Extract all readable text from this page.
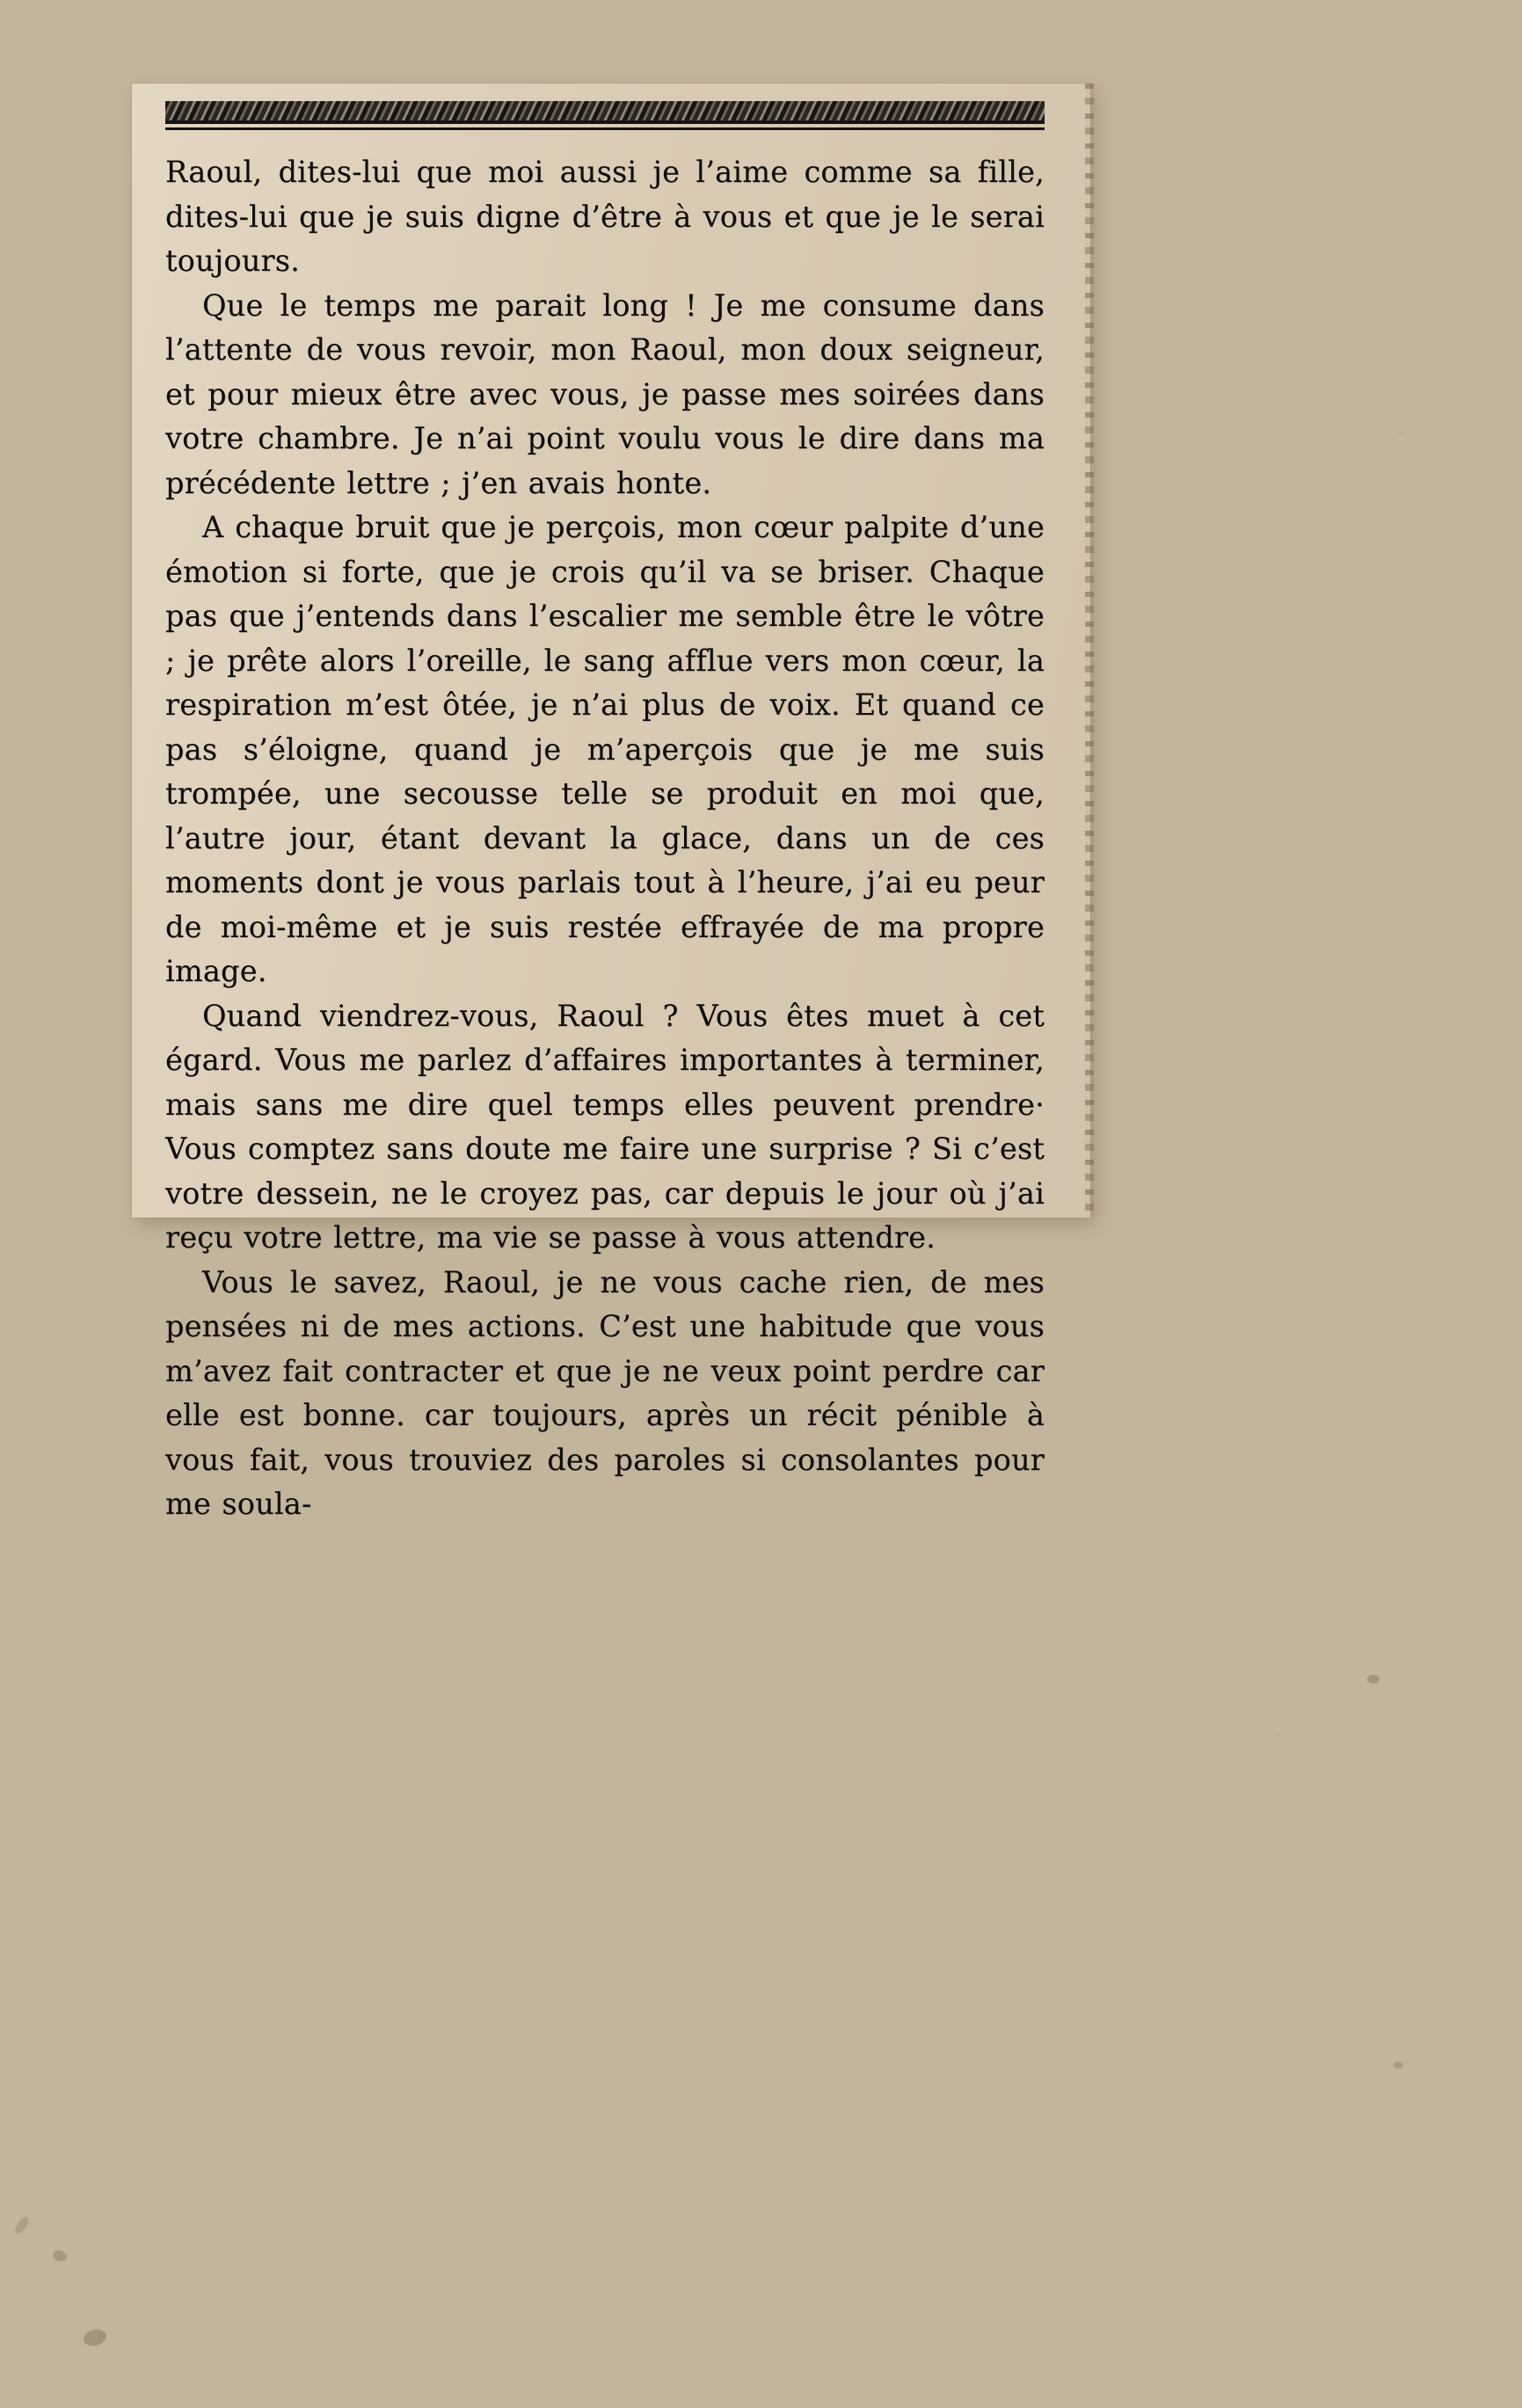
Raoul, dites-lui que moi aussi je l’aime comme sa fille, dites-lui que je suis digne d’être à vous et que je le serai toujours.

Que le temps me parait long ! Je me consume dans l’attente de vous revoir, mon Raoul, mon doux seigneur, et pour mieux être avec vous, je passe mes soirées dans votre chambre. Je n’ai point voulu vous le dire dans ma précédente lettre ; j’en avais honte.

A chaque bruit que je perçois, mon cœur palpite d’une émotion si forte, que je crois qu’il va se briser. Chaque pas que j’entends dans l’escalier me semble être le vôtre ; je prête alors l’oreille, le sang afflue vers mon cœur, la respiration m’est ôtée, je n’ai plus de voix. Et quand ce pas s’éloigne, quand je m’aperçois que je me suis trompée, une secousse telle se produit en moi que, l’autre jour, étant devant la glace, dans un de ces moments dont je vous parlais tout à l’heure, j’ai eu peur de moi-même et je suis restée effrayée de ma propre image.

Quand viendrez-vous, Raoul ? Vous êtes muet à cet égard. Vous me parlez d’affaires importantes à terminer, mais sans me dire quel temps elles peuvent prendre· Vous comptez sans doute me faire une surprise ? Si c’est votre dessein, ne le croyez pas, car depuis le jour où j’ai reçu votre lettre, ma vie se passe à vous attendre.

Vous le savez, Raoul, je ne vous cache rien, de mes pensées ni de mes actions. C’est une habitude que vous m’avez fait contracter et que je ne veux point perdre car elle est bonne. car toujours, après un récit pénible à vous fait, vous trouviez des paroles si consolantes pour me soula-
